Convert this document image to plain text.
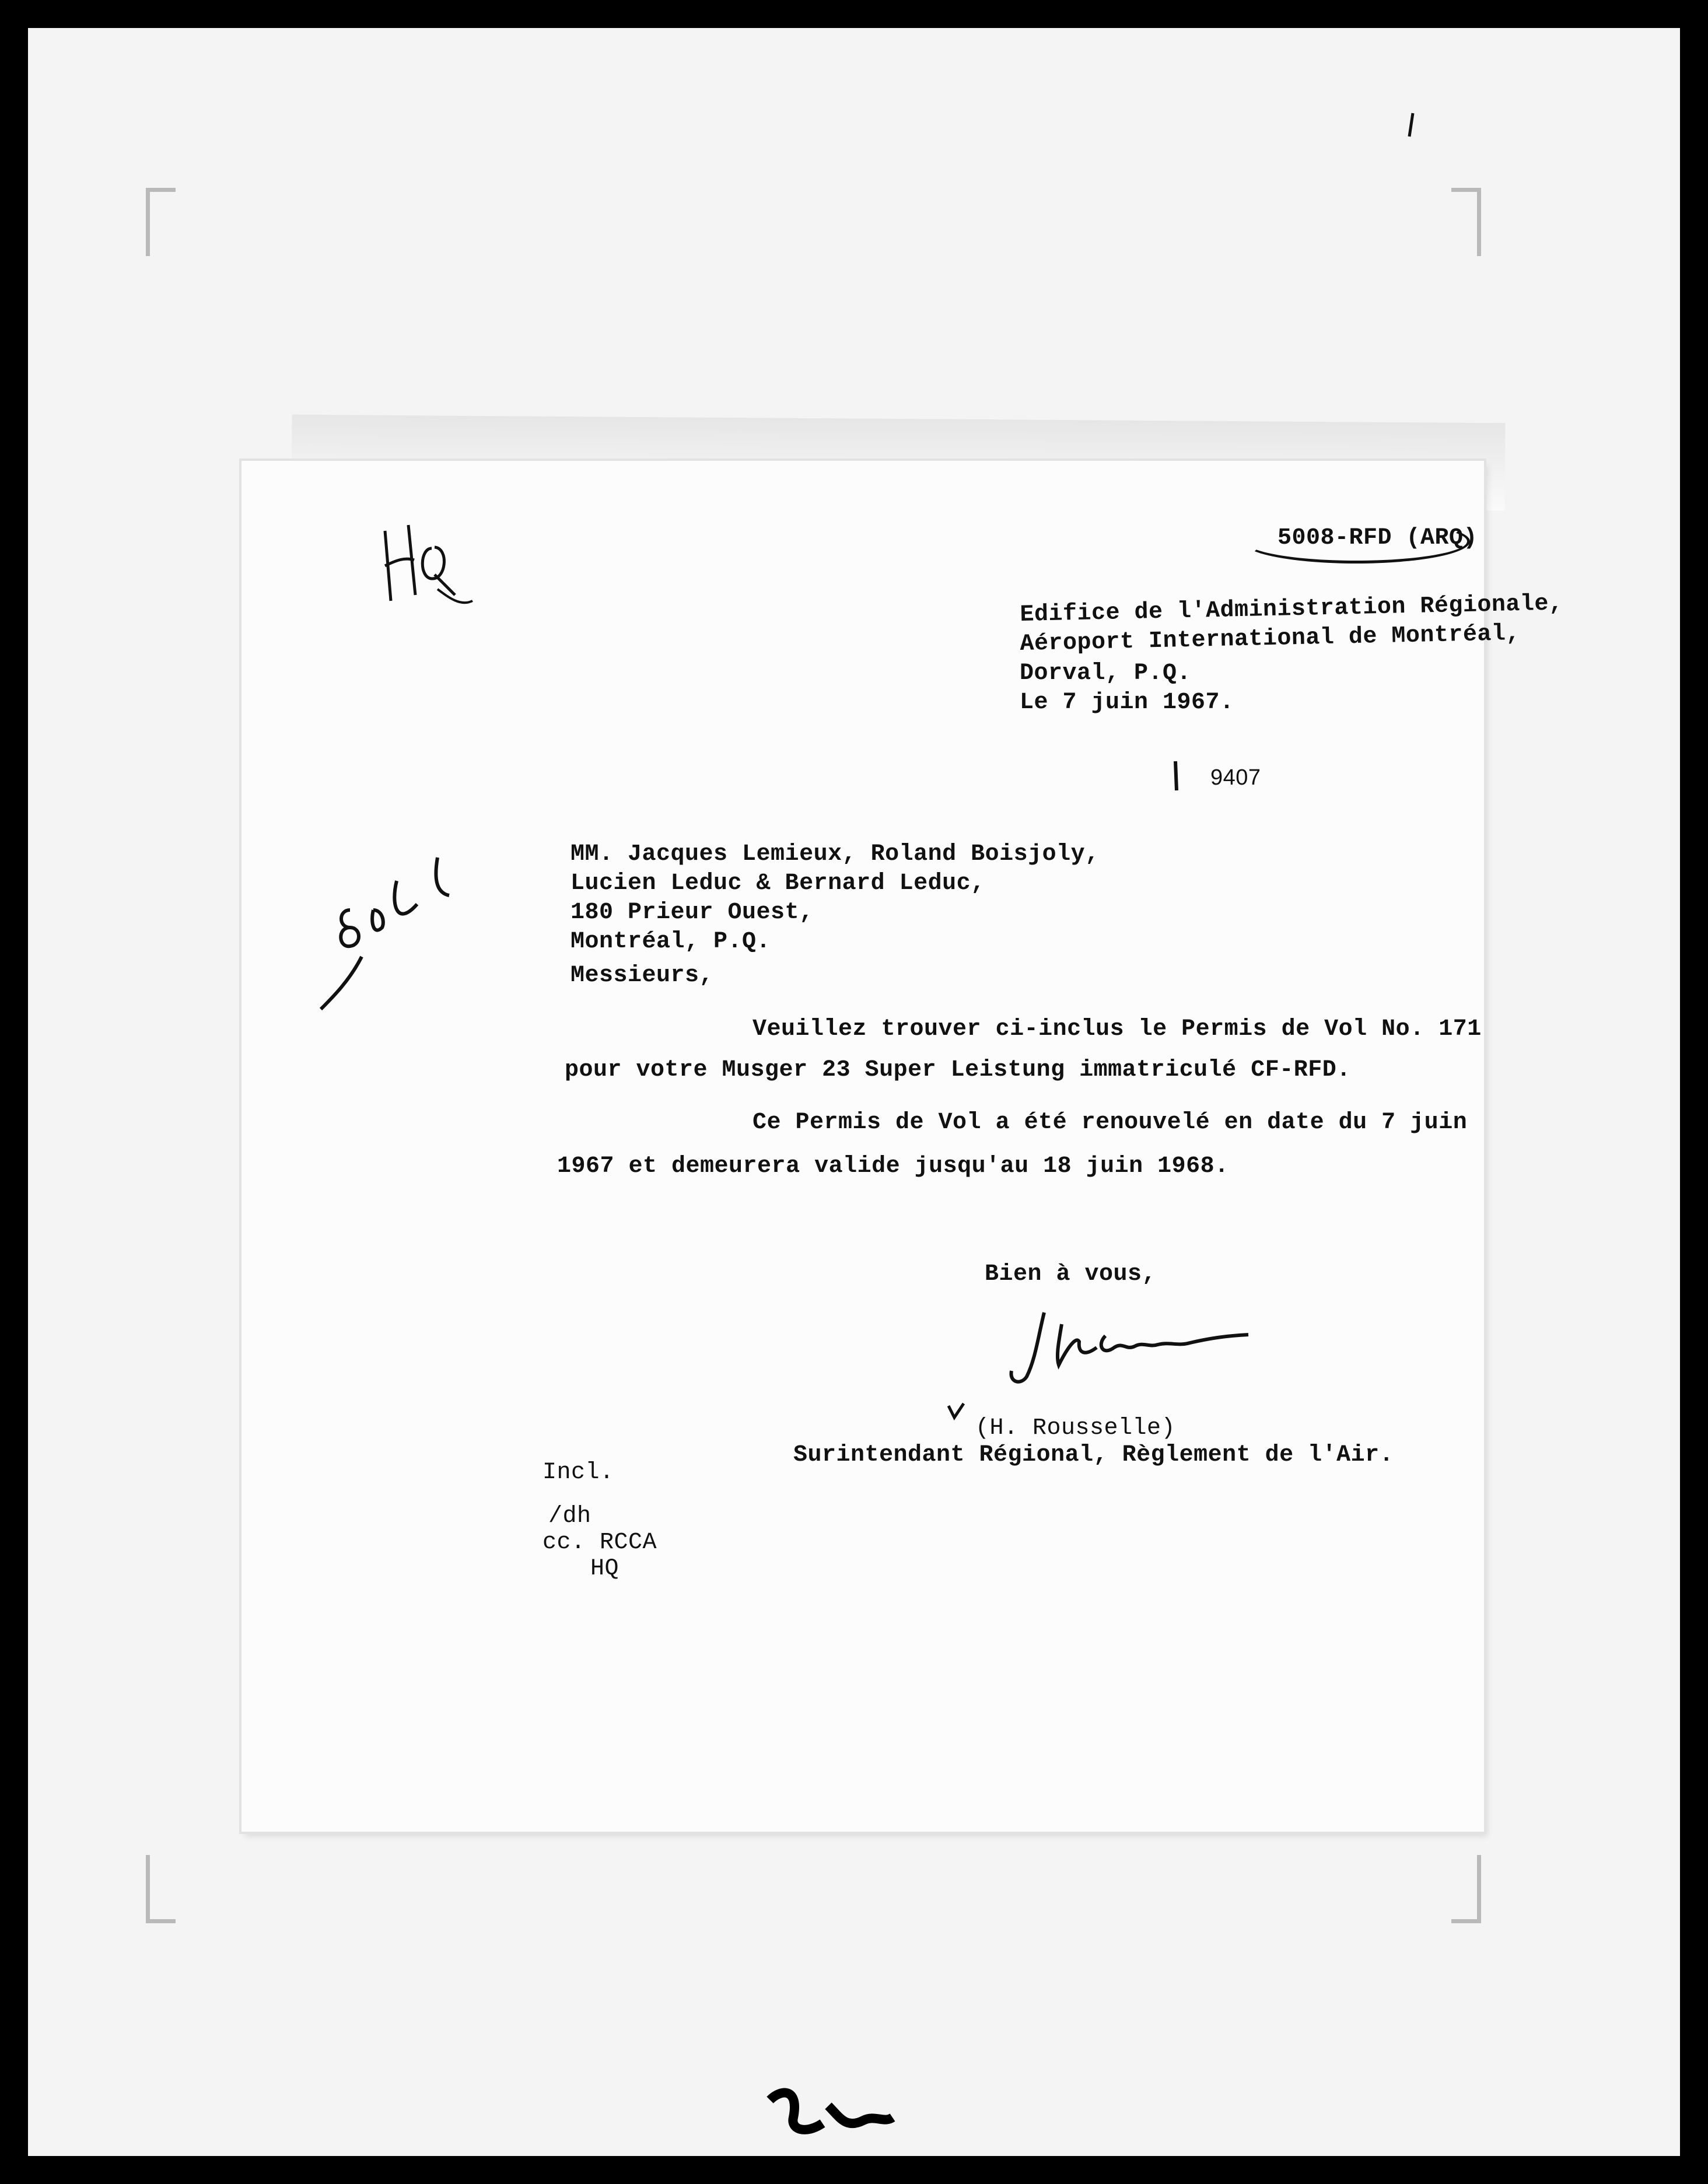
5008-RFD (ARQ)

Edifice de l'Administration Régionale,

Aéroport International de Montréal,

Dorval, P.Q.

Le 7 juin 1967.

9407

MM. Jacques Lemieux, Roland Boisjoly,

Lucien Leduc & Bernard Leduc,

180 Prieur Ouest,

Montréal, P.Q.

Messieurs,

Veuillez trouver ci-inclus le Permis de Vol No. 171

pour votre Musger 23 Super Leistung immatriculé CF-RFD.

Ce Permis de Vol a été renouvelé en date du 7 juin

1967 et demeurera valide jusqu'au 18 juin 1968.

Bien à vous,

(H. Rousselle)

Surintendant Régional, Règlement de l'Air.

Incl.

/dh

cc. RCCA

HQ
